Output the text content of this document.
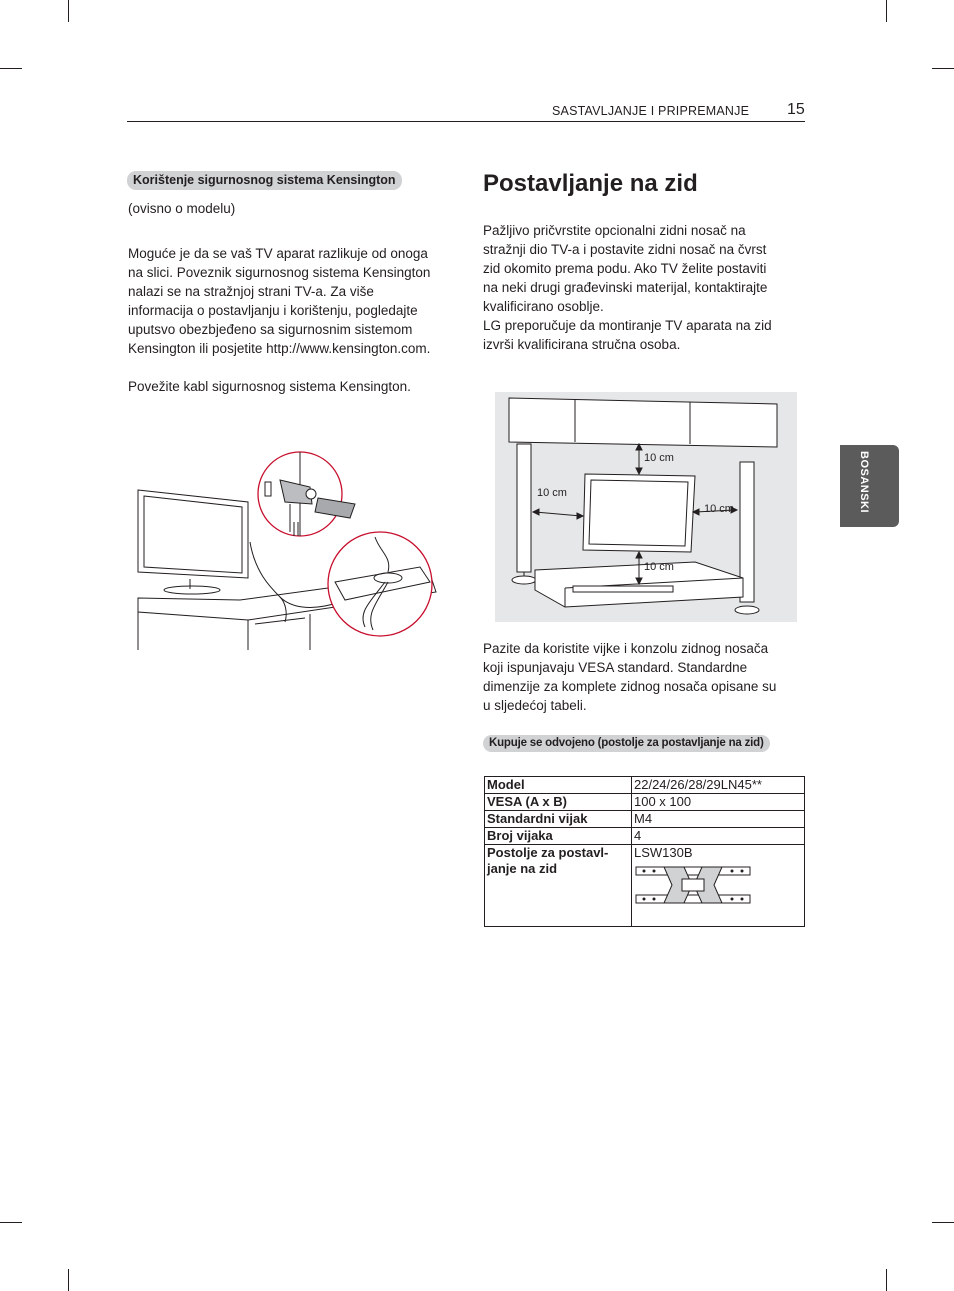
SASTAVLJANJE I PRIPREMANJE 15
BOSANSKI
Korištenje sigurnosnog sistema Kensington
(ovisno o modelu)
Moguće je da se vaš TV aparat razlikuje od onoga
na slici. Poveznik sigurnosnog sistema Kensington
nalazi se na stražnjoj strani TV-a. Za više
informacija o postavljanju i korištenju, pogledajte
uputsvo obezbjeđeno sa sigurnosnim sistemom
Kensington ili posjetite http://www.kensington.com.
Povežite kabl sigurnosnog sistema Kensington.
Postavljanje na zid
Pažljivo pričvrstite opcionalni zidni nosač na
stražnji dio TV-a i postavite zidni nosač na čvrst
zid okomito prema podu. Ako TV želite postaviti
na neki drugi građevinski materijal, kontaktirajte
kvalificirano osoblje.
LG preporučuje da montiranje TV aparata na zid
izvrši kvalificirana stručna osoba.
10 cm
10 cm
10 cm
10 cm
Pazite da koristite vijke i konzolu zidnog nosača
koji ispunjavaju VESA standard. Standardne
dimenzije za komplete zidnog nosača opisane su
u sljedećoj tabeli.
Kupuje se odvojeno (postolje za postavljanje na zid)
Model	22/24/26/28/29LN45**
VESA (A x B)	100 x 100
Standardni vijak	M4
Broj vijaka	4

Postolje za postavl-
janje na zid	LSW130B
